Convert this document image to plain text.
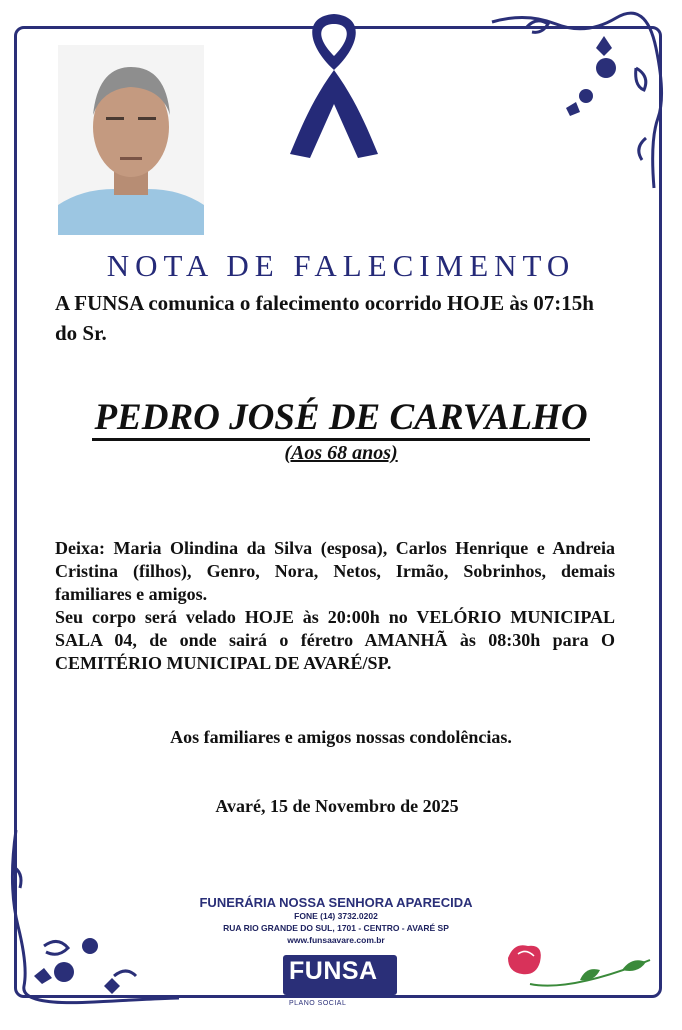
NOTA DE FALECIMENTO
A FUNSA comunica o falecimento ocorrido HOJE às 07:15h do Sr.
PEDRO JOSÉ DE CARVALHO
(Aos 68 anos)

Deixa: Maria Olindina da Silva (esposa), Carlos Henrique e Andreia Cristina (filhos), Genro, Nora, Netos, Irmão, Sobrinhos, demais familiares e amigos.

Seu corpo será velado HOJE às 20:00h no VELÓRIO MUNICIPAL SALA 04, de onde sairá o féretro AMANHÃ às 08:30h para O CEMITÉRIO MUNICIPAL DE AVARÉ/SP.

Aos familiares e amigos nossas condolências.
Avaré, 15 de Novembro de 2025
FUNERÁRIA NOSSA SENHORA APARECIDA
FONE (14) 3732.0202
RUA RIO GRANDE DO SUL, 1701 - CENTRO - AVARÉ SP
www.funsaavare.com.br
FUNSA
PLANO SOCIAL
